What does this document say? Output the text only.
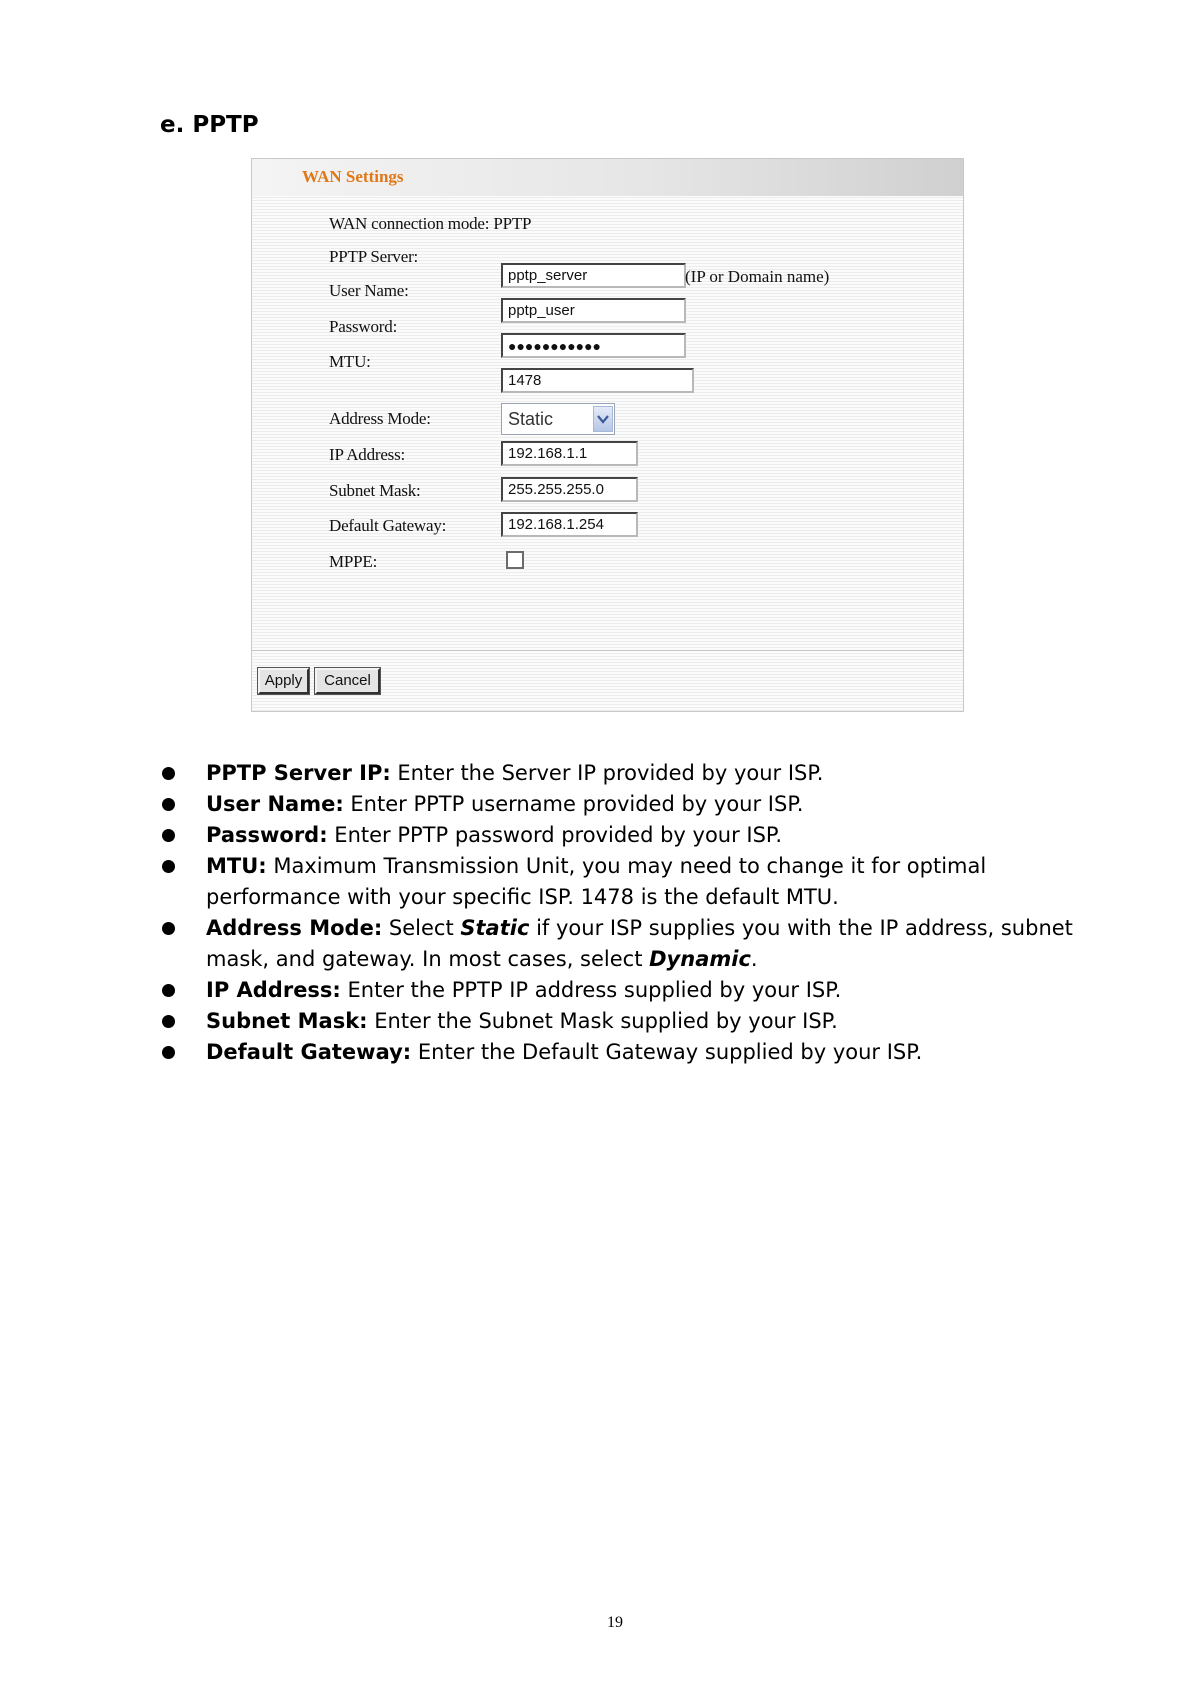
e. PPTP
WAN Settings
WAN connection mode: PPTP
PPTP Server:
pptp_server	(IP or Domain name)
User Name:
pptp_user
Password:
●●●●●●●●●●●
MTU:
1478
Address Mode:	Static
IP Address:	192.168.1.1
Subnet Mask:	255.255.255.0
Default Gateway:	192.168.1.254
MPPE:
Apply	Cancel
PPTP Server IP: Enter the Server IP provided by your ISP.
User Name: Enter PPTP username provided by your ISP.
Password: Enter PPTP password provided by your ISP.
MTU: Maximum Transmission Unit, you may need to change it for optimal performance with your specific ISP. 1478 is the default MTU.
Address Mode: Select Static if your ISP supplies you with the IP address, subnet mask, and gateway. In most cases, select Dynamic.
IP Address: Enter the PPTP IP address supplied by your ISP.
Subnet Mask: Enter the Subnet Mask supplied by your ISP.
Default Gateway: Enter the Default Gateway supplied by your ISP.
19
